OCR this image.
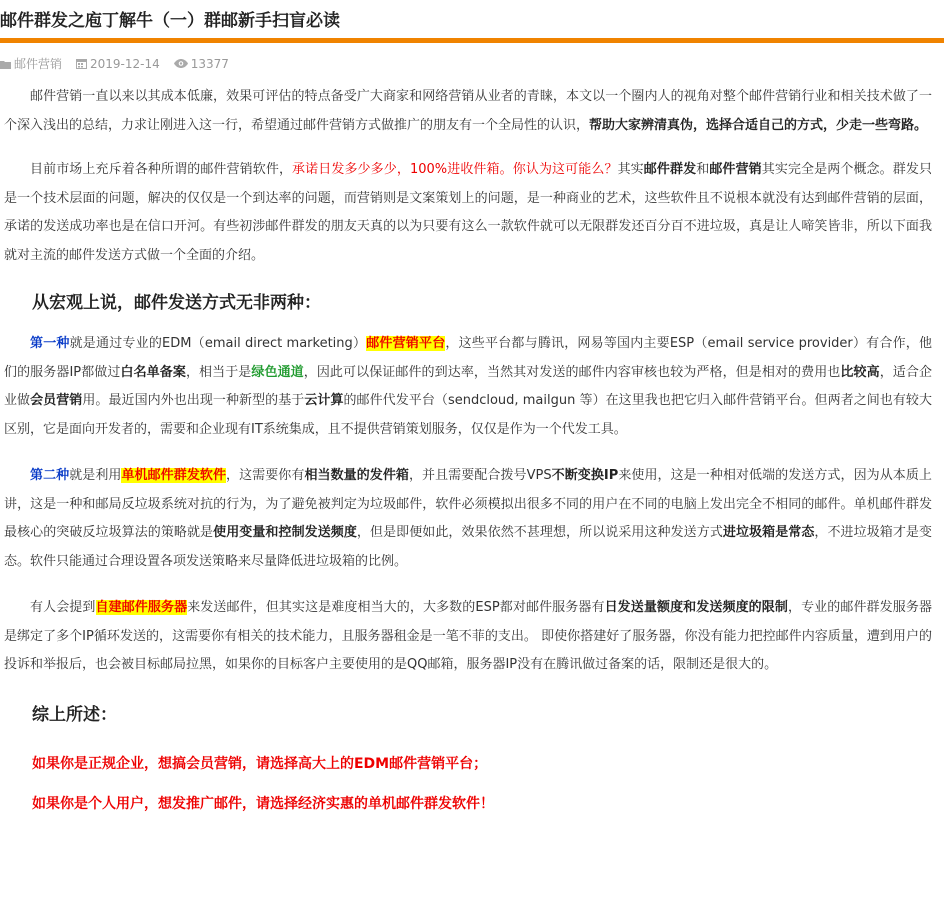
邮件群发之庖丁解牛（一）群邮新手扫盲必读
邮件营销 2019-12-14	13377

邮件营销一直以来以其成本低廉，效果可评估的特点备受广大商家和网络营销从业者的青睐，本文以一个圈内人的视角对整个邮件营销行业和相关技术做了一个深入浅出的总结，力求让刚进入这一行，希望通过邮件营销方式做推广的朋友有一个全局性的认识，帮助大家辨清真伪，选择合适自己的方式，少走一些弯路。

目前市场上充斥着各种所谓的邮件营销软件，承诺日发多少多少，100%进收件箱。你认为这可能么？其实邮件群发和邮件营销其实完全是两个概念。群发只是一个技术层面的问题，解决的仅仅是一个到达率的问题，而营销则是文案策划上的问题，是一种商业的艺术，这些软件且不说根本就没有达到邮件营销的层面，承诺的发送成功率也是在信口开河。有些初涉邮件群发的朋友天真的以为只要有这么一款软件就可以无限群发还百分百不进垃圾，真是让人啼笑皆非，所以下面我就对主流的邮件发送方式做一个全面的介绍。

从宏观上说，邮件发送方式无非两种：

第一种就是通过专业的EDM（email direct marketing）邮件营销平台，这些平台都与腾讯，网易等国内主要ESP（email service provider）有合作，他们的服务器IP都做过白名单备案，相当于是绿色通道，因此可以保证邮件的到达率，当然其对发送的邮件内容审核也较为严格，但是相对的费用也比较高，适合企业做会员营销用。最近国内外也出现一种新型的基于云计算的邮件代发平台（sendcloud, mailgun 等）在这里我也把它归入邮件营销平台。但两者之间也有较大区别，它是面向开发者的，需要和企业现有IT系统集成，且不提供营销策划服务，仅仅是作为一个代发工具。

第二种就是利用单机邮件群发软件，这需要你有相当数量的发件箱，并且需要配合拨号VPS不断变换IP来使用，这是一种相对低端的发送方式，因为从本质上讲，这是一种和邮局反垃圾系统对抗的行为，为了避免被判定为垃圾邮件，软件必须模拟出很多不同的用户在不同的电脑上发出完全不相同的邮件。单机邮件群发最核心的突破反垃圾算法的策略就是使用变量和控制发送频度，但是即便如此，效果依然不甚理想，所以说采用这种发送方式进垃圾箱是常态，不进垃圾箱才是变态。软件只能通过合理设置各项发送策略来尽量降低进垃圾箱的比例。

有人会提到自建邮件服务器来发送邮件，但其实这是难度相当大的，大多数的ESP都对邮件服务器有日发送量额度和发送频度的限制，专业的邮件群发服务器是绑定了多个IP循环发送的，这需要你有相关的技术能力，且服务器租金是一笔不菲的支出。 即使你搭建好了服务器，你没有能力把控邮件内容质量，遭到用户的投诉和举报后，也会被目标邮局拉黑，如果你的目标客户主要使用的是QQ邮箱，服务器IP没有在腾讯做过备案的话，限制还是很大的。

综上所述：
如果你是正规企业，想搞会员营销，请选择高大上的EDM邮件营销平台；
如果你是个人用户，想发推广邮件，请选择经济实惠的单机邮件群发软件！
